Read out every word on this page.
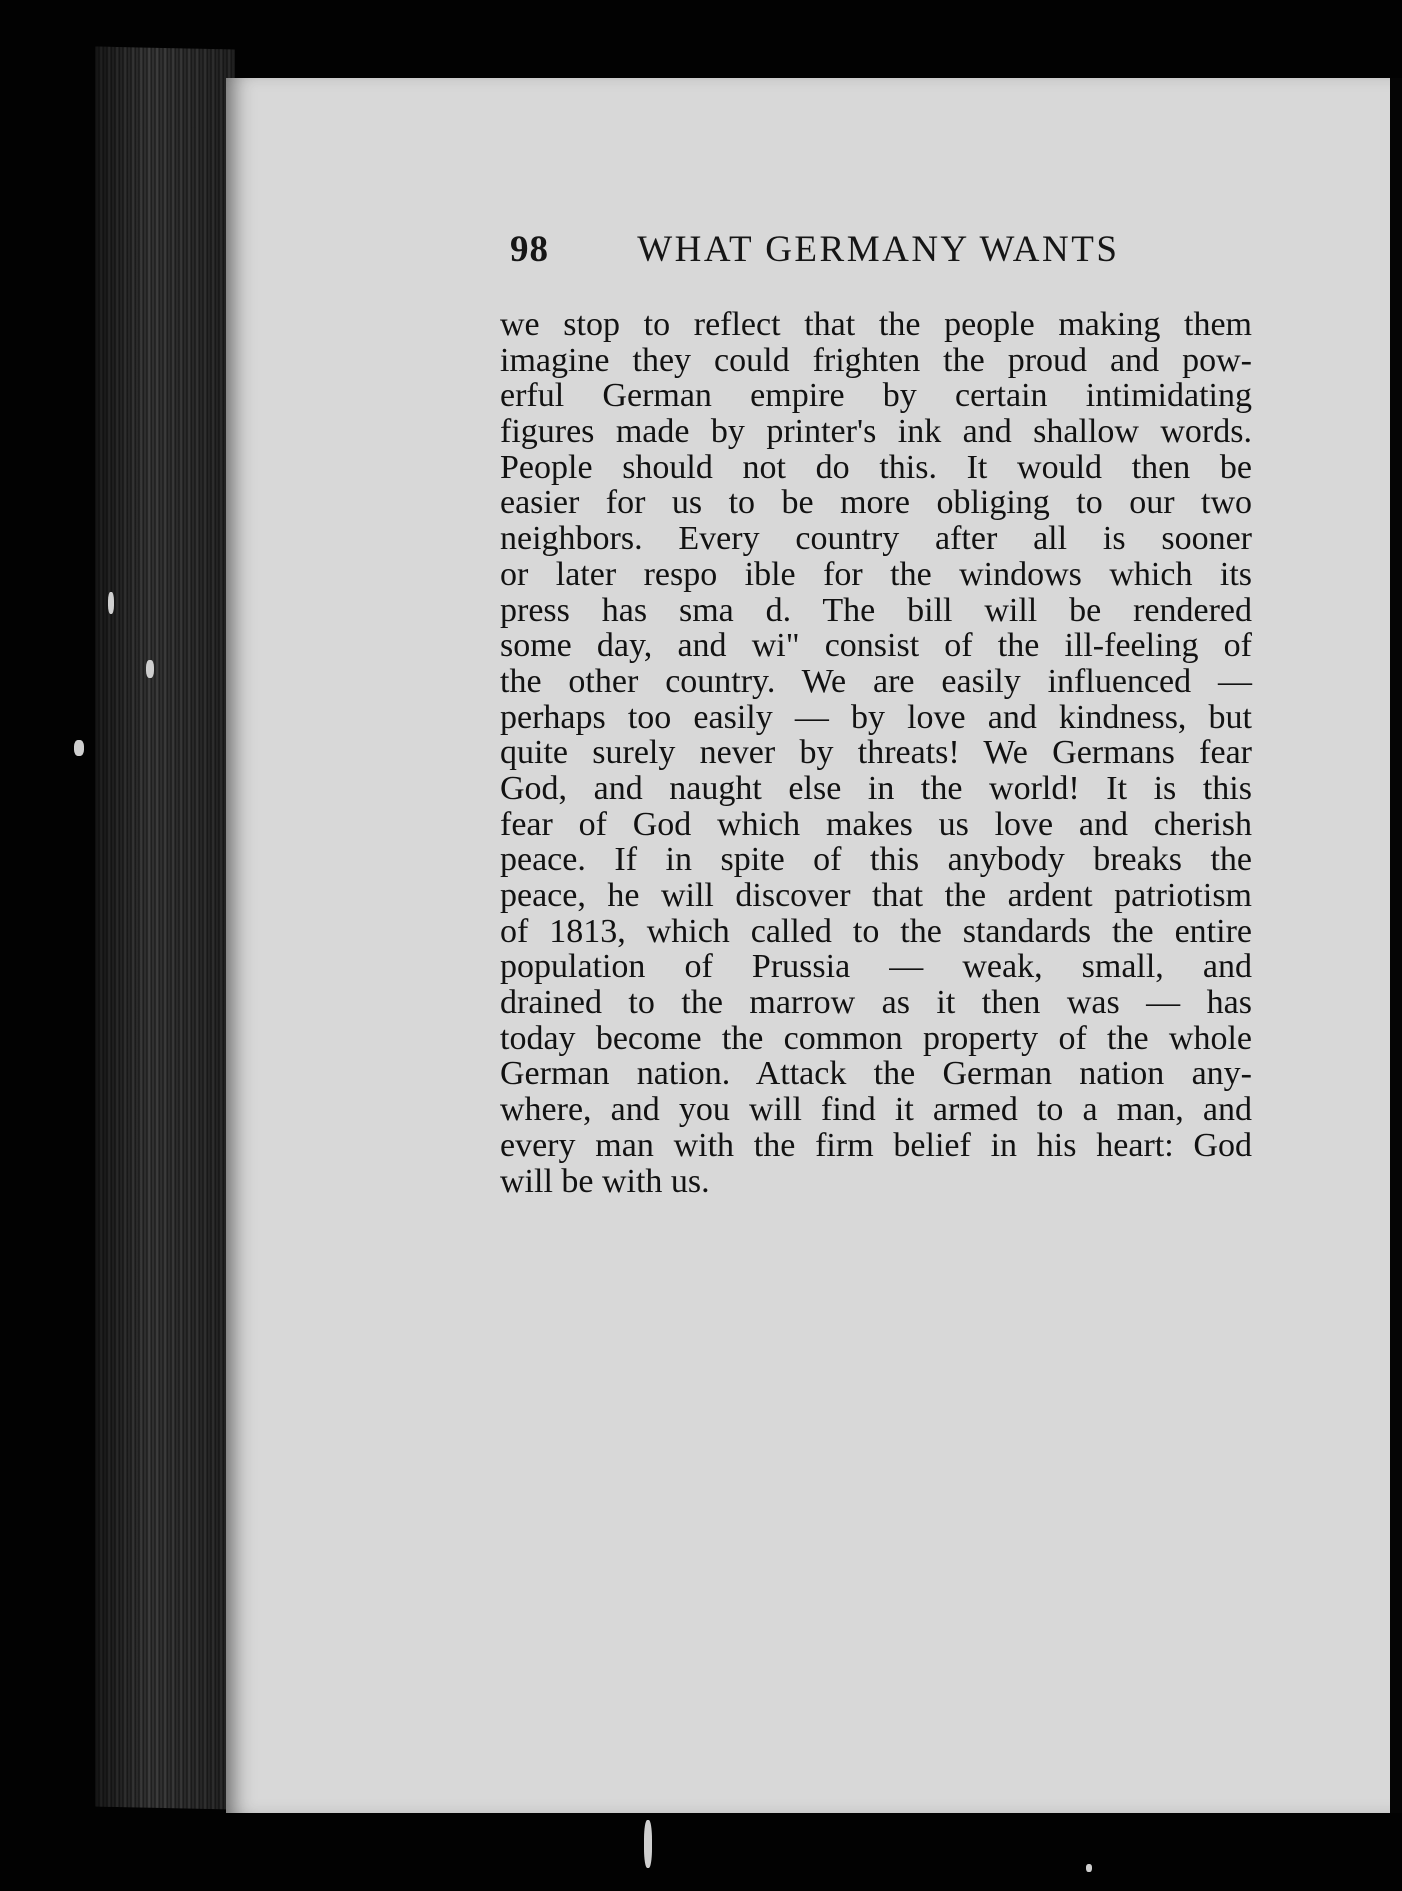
98 WHAT GERMANY WANTS
we stop to reflect that the people making them
imagine they could frighten the proud and pow-
erful German empire by certain intimidating
figures made by printer's ink and shallow words.
People should not do this. It would then be
easier for us to be more obliging to our two
neighbors. Every country after all is sooner
or later respo ible for the windows which its
press has sma d. The bill will be rendered
some day, and wi" consist of the ill-feeling of
the other country. We are easily influenced —
perhaps too easily — by love and kindness, but
quite surely never by threats! We Germans fear
God, and naught else in the world! It is this
fear of God which makes us love and cherish
peace. If in spite of this anybody breaks the
peace, he will discover that the ardent patriotism
of 1813, which called to the standards the entire
population of Prussia — weak, small, and
drained to the marrow as it then was — has
today become the common property of the whole
German nation. Attack the German nation any-
where, and you will find it armed to a man, and
every man with the firm belief in his heart: God
will be with us.
